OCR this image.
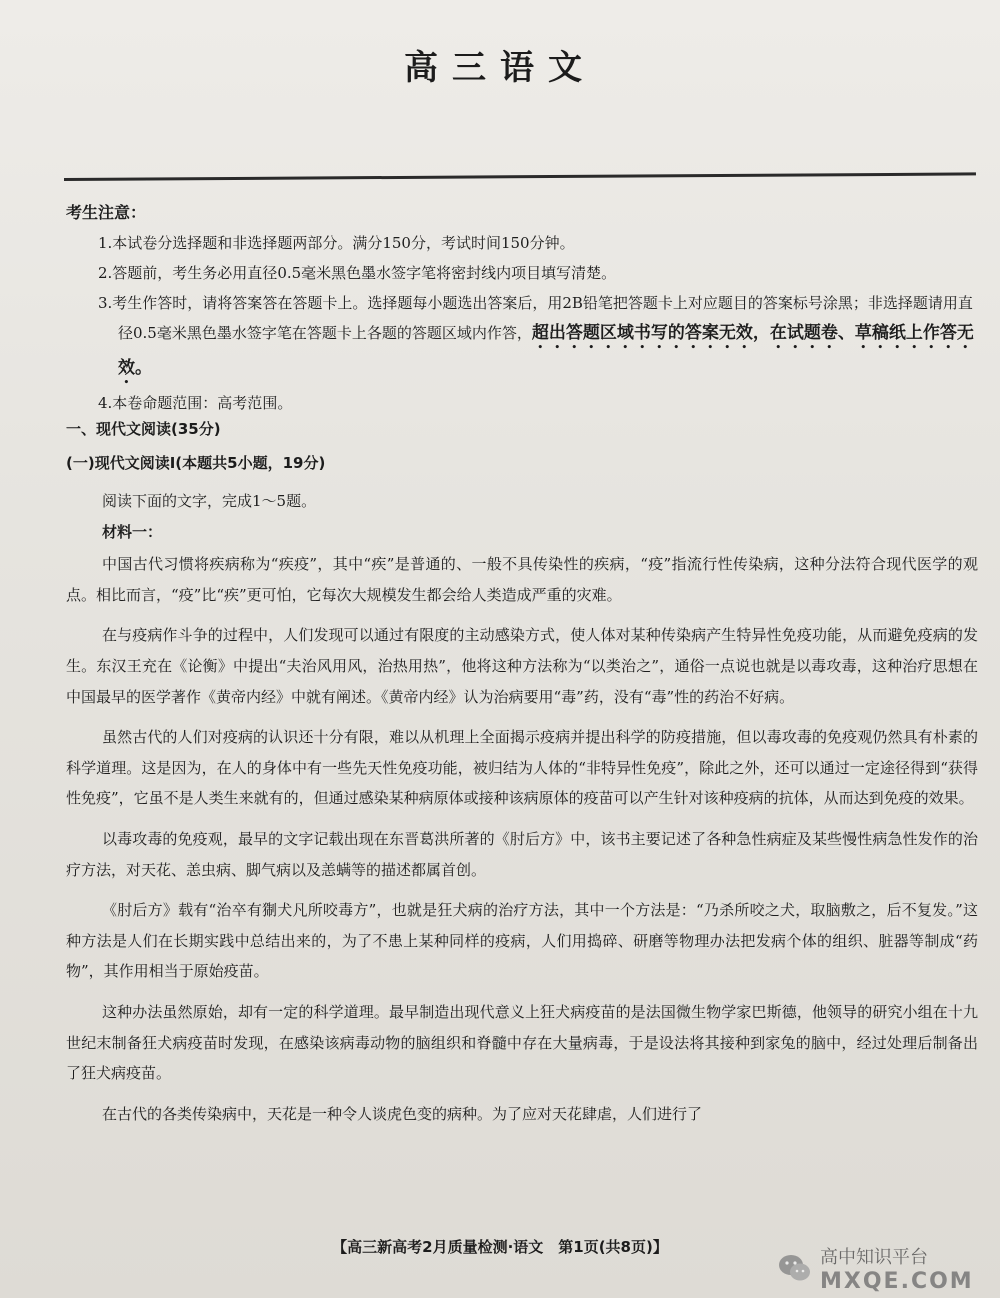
高三语文
考生注意：
1.本试卷分选择题和非选择题两部分。满分150分，考试时间150分钟。
2.答题前，考生务必用直径0.5毫米黑色墨水签字笔将密封线内项目填写清楚。
3.考生作答时，请将答案答在答题卡上。选择题每小题选出答案后，用2B铅笔把答题卡上对应题目的答案标号涂黑；非选择题请用直径0.5毫米黑色墨水签字笔在答题卡上各题的答题区域内作答，超出答题区域书写的答案无效，在试题卷、草稿纸上作答无效。
4.本卷命题范围：高考范围。
一、现代文阅读(35分)
(一)现代文阅读Ⅰ(本题共5小题，19分)

阅读下面的文字，完成1～5题。

材料一：

中国古代习惯将疾病称为“疾疫”，其中“疾”是普通的、一般不具传染性的疾病，“疫”指流行性传染病，这种分法符合现代医学的观点。相比而言，“疫”比“疾”更可怕，它每次大规模发生都会给人类造成严重的灾难。

在与疫病作斗争的过程中，人们发现可以通过有限度的主动感染方式，使人体对某种传染病产生特异性免疫功能，从而避免疫病的发生。东汉王充在《论衡》中提出“夫治风用风，治热用热”，他将这种方法称为“以类治之”，通俗一点说也就是以毒攻毒，这种治疗思想在中国最早的医学著作《黄帝内经》中就有阐述。《黄帝内经》认为治病要用“毒”药，没有“毒”性的药治不好病。

虽然古代的人们对疫病的认识还十分有限，难以从机理上全面揭示疫病并提出科学的防疫措施，但以毒攻毒的免疫观仍然具有朴素的科学道理。这是因为，在人的身体中有一些先天性免疫功能，被归结为人体的“非特异性免疫”，除此之外，还可以通过一定途径得到“获得性免疫”，它虽不是人类生来就有的，但通过感染某种病原体或接种该病原体的疫苗可以产生针对该种疫病的抗体，从而达到免疫的效果。

以毒攻毒的免疫观，最早的文字记载出现在东晋葛洪所著的《肘后方》中，该书主要记述了各种急性病症及某些慢性病急性发作的治疗方法，对天花、恙虫病、脚气病以及恙螨等的描述都属首创。

《肘后方》载有“治卒有猘犬凡所咬毒方”，也就是狂犬病的治疗方法，其中一个方法是：“乃杀所咬之犬，取脑敷之，后不复发。”这种方法是人们在长期实践中总结出来的，为了不患上某种同样的疫病，人们用捣碎、研磨等物理办法把发病个体的组织、脏器等制成“药物”，其作用相当于原始疫苗。

这种办法虽然原始，却有一定的科学道理。最早制造出现代意义上狂犬病疫苗的是法国微生物学家巴斯德，他领导的研究小组在十九世纪末制备狂犬病疫苗时发现，在感染该病毒动物的脑组织和脊髓中存在大量病毒，于是设法将其接种到家兔的脑中，经过处理后制备出了狂犬病疫苗。

在古代的各类传染病中，天花是一种令人谈虎色变的病种。为了应对天花肆虐，人们进行了

【高三新高考2月质量检测·语文　第1页(共8页)】	高中知识平台
MXQE.COM
